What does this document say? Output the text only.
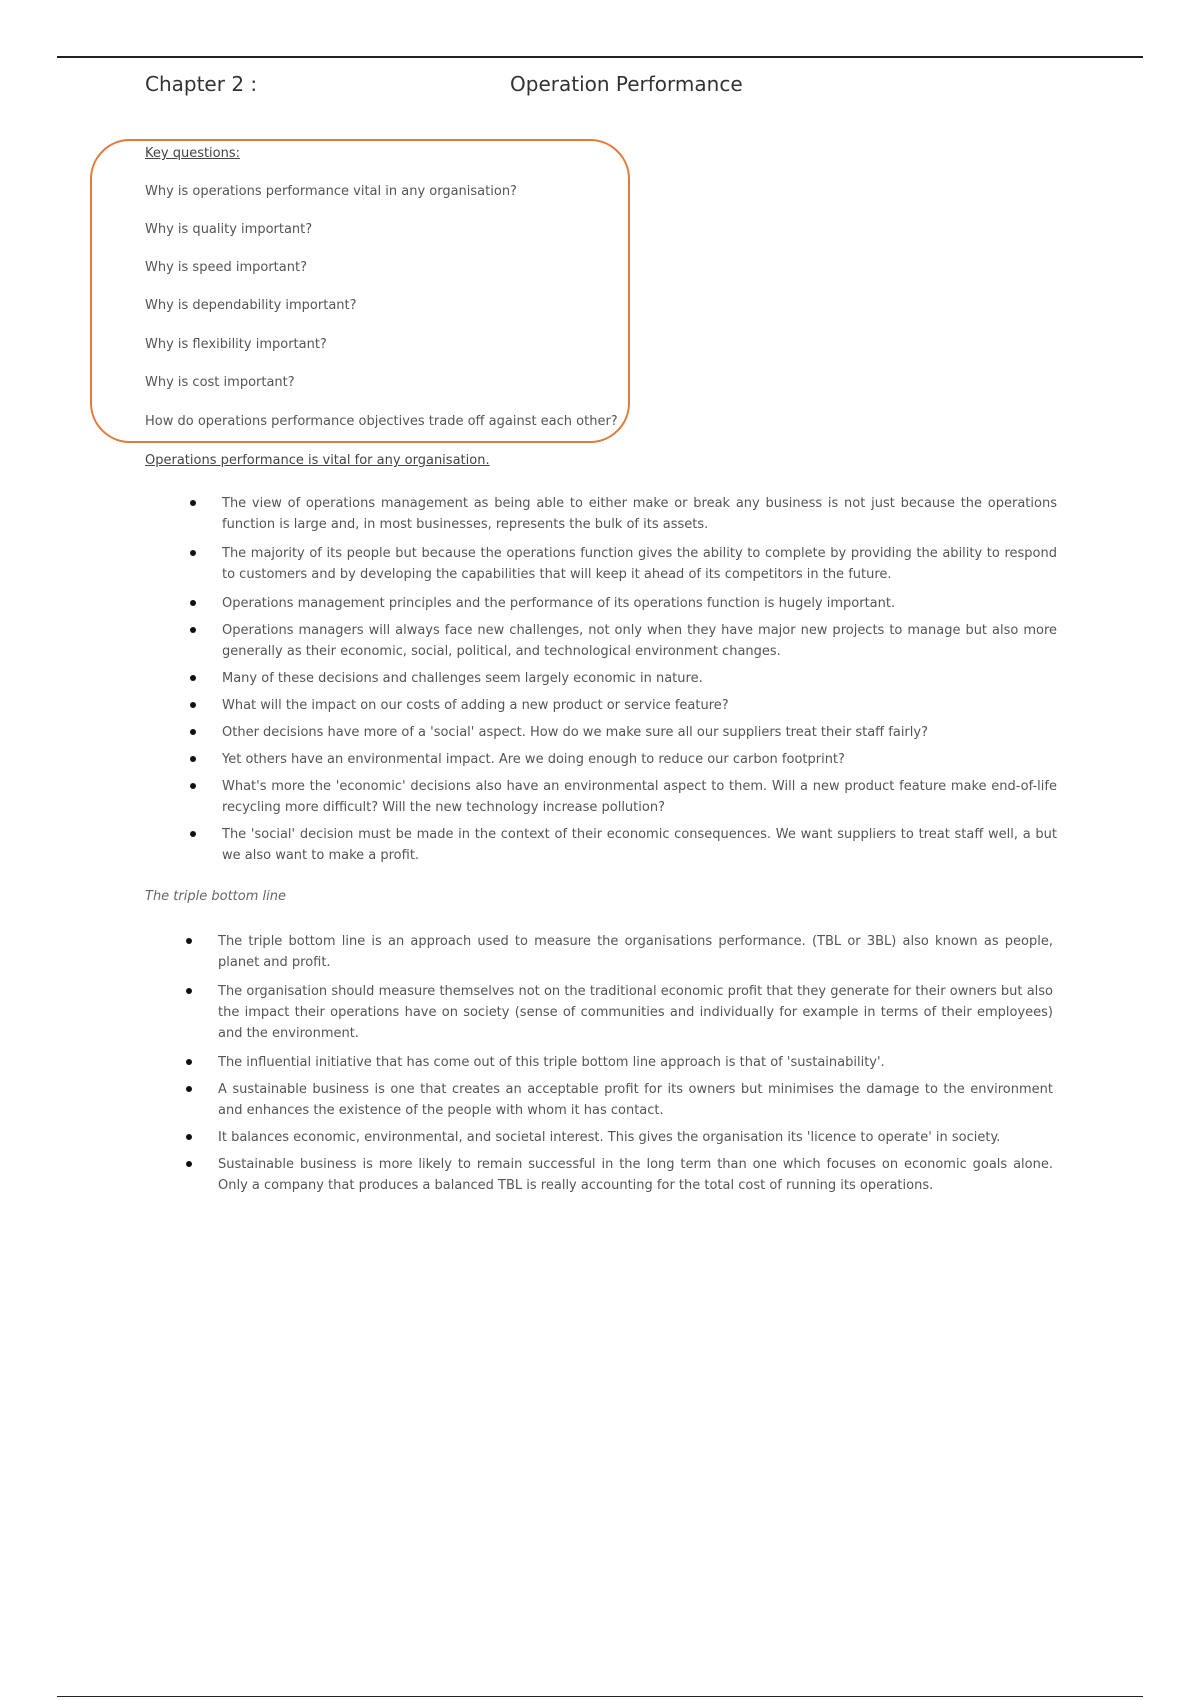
Chapter 2 :	Operation Performance
Key questions:
Why is operations performance vital in any organisation?
Why is quality important?
Why is speed important?
Why is dependability important?
Why is flexibility important?
Why is cost important?
How do operations performance objectives trade off against each other?
Operations performance is vital for any organisation.
The view of operations management as being able to either make or break any business is not just because the operations function is large and, in most businesses, represents the bulk of its assets.
The majority of its people but because the operations function gives the ability to complete by providing the ability to respond to customers and by developing the capabilities that will keep it ahead of its competitors in the future.
Operations management principles and the performance of its operations function is hugely important.
Operations managers will always face new challenges, not only when they have major new projects to manage but also more generally as their economic, social, political, and technological environment changes.
Many of these decisions and challenges seem largely economic in nature.
What will the impact on our costs of adding a new product or service feature?
Other decisions have more of a 'social' aspect. How do we make sure all our suppliers treat their staff fairly?
Yet others have an environmental impact. Are we doing enough to reduce our carbon footprint?
What's more the 'economic' decisions also have an environmental aspect to them. Will a new product feature make end-of-life recycling more difficult? Will the new technology increase pollution?
The 'social' decision must be made in the context of their economic consequences. We want suppliers to treat staff well, a but we also want to make a profit.
The triple bottom line
The triple bottom line is an approach used to measure the organisations performance. (TBL or 3BL) also known as people, planet and profit.
The organisation should measure themselves not on the traditional economic profit that they generate for their owners but also the impact their operations have on society (sense of communities and individually for example in terms of their employees) and the environment.
The influential initiative that has come out of this triple bottom line approach is that of 'sustainability'.
A sustainable business is one that creates an acceptable profit for its owners but minimises the damage to the environment and enhances the existence of the people with whom it has contact.
It balances economic, environmental, and societal interest. This gives the organisation its 'licence to operate' in society.
Sustainable business is more likely to remain successful in the long term than one which focuses on economic goals alone. Only a company that produces a balanced TBL is really accounting for the total cost of running its operations.
